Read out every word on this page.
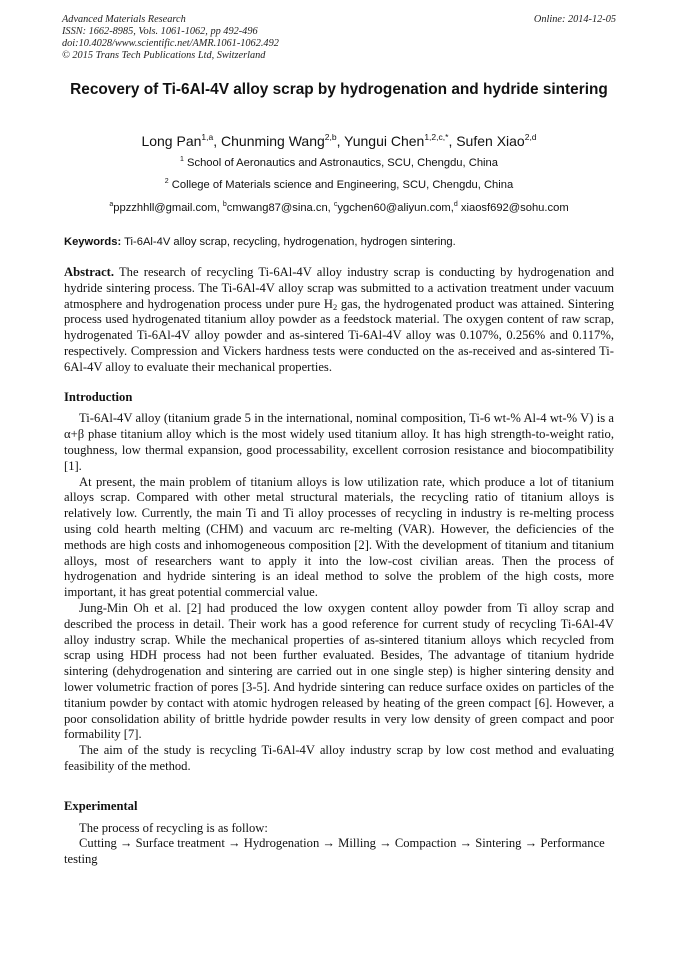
Advanced Materials Research
ISSN: 1662-8985, Vols. 1061-1062, pp 492-496
doi:10.4028/www.scientific.net/AMR.1061-1062.492
© 2015 Trans Tech Publications Ltd, Switzerland
Online: 2014-12-05
Recovery of Ti-6Al-4V alloy scrap by hydrogenation and hydride sintering
Long Pan$^{1,a}$, Chunming Wang$^{2,b}$, Yungui Chen$^{1,2,c,*}$, Sufen Xiao$^{2,d}$
$^1$ School of Aeronautics and Astronautics, SCU, Chengdu, China
$^2$ College of Materials science and Engineering, SCU, Chengdu, China
$^a$ppzzhhll@gmail.com, $^b$cmwang87@sina.cn, $^c$ygchen60@aliyun.com,$^d$ xiaosf692@sohu.com
Keywords: Ti-6Al-4V alloy scrap, recycling, hydrogenation, hydrogen sintering.

Abstract. The research of recycling Ti-6Al-4V alloy industry scrap is conducting by hydrogenation and hydride sintering process. The Ti-6Al-4V alloy scrap was submitted to a activation treatment under vacuum atmosphere and hydrogenation process under pure $H_2$ gas, the hydrogenated product was attained. Sintering process used hydrogenated titanium alloy powder as a feedstock material. The oxygen content of raw scrap, hydrogenated Ti-6Al-4V alloy powder and as-sintered Ti-6Al-4V alloy was 0.107%, 0.256% and 0.117%, respectively. Compression and Vickers hardness tests were conducted on the as-received and as-sintered Ti-6Al-4V alloy to evaluate their mechanical properties.

Introduction

Ti-6Al-4V alloy (titanium grade 5 in the international, nominal composition, Ti-6 wt-% Al-4 wt-% V) is a α+β phase titanium alloy which is the most widely used titanium alloy. It has high strength-to-weight ratio, toughness, low thermal expansion, good processability, excellent corrosion resistance and biocompatibility [1].

At present, the main problem of titanium alloys is low utilization rate, which produce a lot of titanium alloys scrap. Compared with other metal structural materials, the recycling ratio of titanium alloys is relatively low. Currently, the main Ti and Ti alloy processes of recycling in industry is re-melting process using cold hearth melting (CHM) and vacuum arc re-melting (VAR). However, the deficiencies of the methods are high costs and inhomogeneous composition [2]. With the development of titanium and titanium alloys, most of researchers want to apply it into the low-cost civilian areas. Then the process of hydrogenation and hydride sintering is an ideal method to solve the problem of the high costs, more important, it has great potential commercial value.

Jung-Min Oh et al. [2] had produced the low oxygen content alloy powder from Ti alloy scrap and described the process in detail. Their work has a good reference for current study of recycling Ti-6Al-4V alloy industry scrap. While the mechanical properties of as-sintered titanium alloys which recycled from scrap using HDH process had not been further evaluated. Besides, The advantage of titanium hydride sintering (dehydrogenation and sintering are carried out in one single step) is higher sintering density and lower volumetric fraction of pores [3-5]. And hydride sintering can reduce surface oxides on particles of the titanium powder by contact with atomic hydrogen released by heating of the green compact [6]. However, a poor consolidation ability of brittle hydride powder results in very low density of green compact and poor formability [7].

The aim of the study is recycling Ti-6Al-4V alloy industry scrap by low cost method and evaluating feasibility of the method.

Experimental

The process of recycling is as follow:

Cutting → Surface treatment → Hydrogenation → Milling → Compaction → Sintering → Performance testing
